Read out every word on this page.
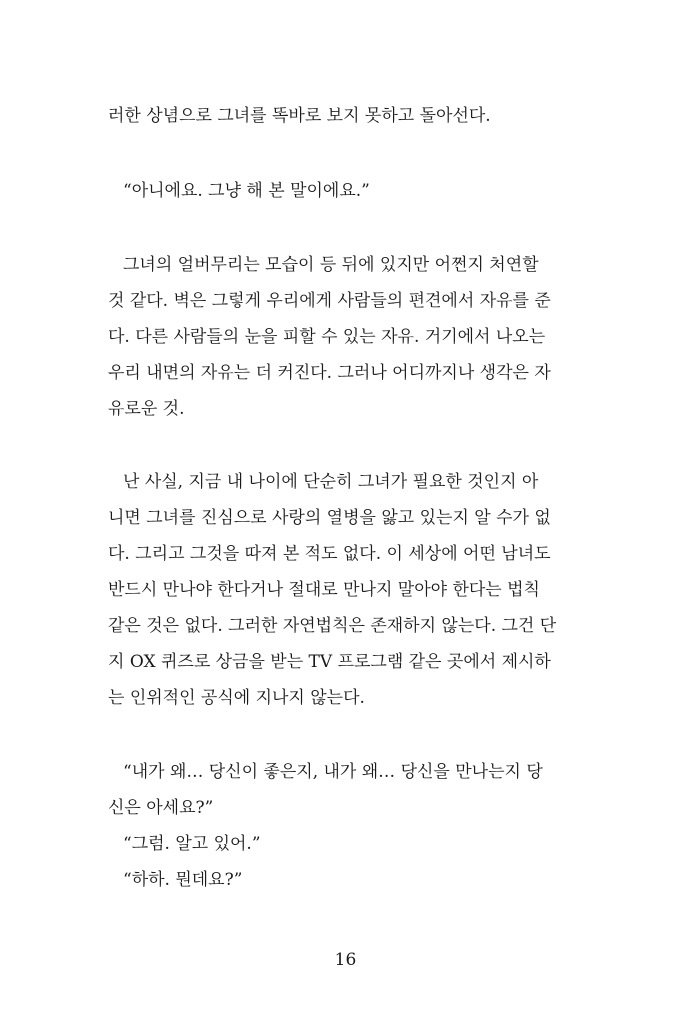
러한 상념으로 그녀를 똑바로 보지 못하고 돌아선다.
“아니에요. 그냥 해 본 말이에요.”
그녀의 얼버무리는 모습이 등 뒤에 있지만 어쩐지 처연할
것 같다. 벽은 그렇게 우리에게 사람들의 편견에서 자유를 준
다. 다른 사람들의 눈을 피할 수 있는 자유. 거기에서 나오는
우리 내면의 자유는 더 커진다. 그러나 어디까지나 생각은 자
유로운 것.
난 사실, 지금 내 나이에 단순히 그녀가 필요한 것인지 아
니면 그녀를 진심으로 사랑의 열병을 앓고 있는지 알 수가 없
다. 그리고 그것을 따져 본 적도 없다. 이 세상에 어떤 남녀도
반드시 만나야 한다거나 절대로 만나지 말아야 한다는 법칙
같은 것은 없다. 그러한 자연법칙은 존재하지 않는다. 그건 단
지 OX 퀴즈로 상금을 받는 TV 프로그램 같은 곳에서 제시하
는 인위적인 공식에 지나지 않는다.
“내가 왜… 당신이 좋은지, 내가 왜… 당신을 만나는지 당
신은 아세요?”
“그럼. 알고 있어.”
“하하. 뭔데요?”
16
